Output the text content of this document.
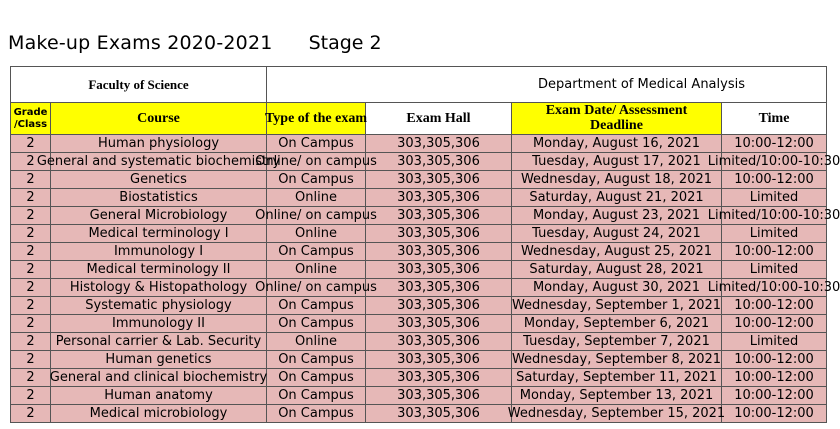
Make-up Exams 2020-2021 Stage 2
Faculty of Science		Department of Medical Analysis			
Grade /Class	Course	Type of the exam	Exam Hall	Exam Date/ Assessment Deadline	Time

2	Human physiology	On Campus	303,305,306	Monday, August 16, 2021	10:00-12:00

2	General and systematic biochemistry	Online/ on campus	303,305,306	Tuesday, August 17, 2021	Limited/10:00-10:30

2	Genetics	On Campus	303,305,306	Wednesday, August 18, 2021	10:00-12:00

2	Biostatistics	Online	303,305,306	Saturday, August 21, 2021	Limited

2	General Microbiology	Online/ on campus	303,305,306	Monday, August 23, 2021	Limited/10:00-10:30

2	Medical terminology I	Online	303,305,306	Tuesday, August 24, 2021	Limited

2	Immunology I	On Campus	303,305,306	Wednesday, August 25, 2021	10:00-12:00

2	Medical terminology II	Online	303,305,306	Saturday, August 28, 2021	Limited

2	Histology & Histopathology	Online/ on campus	303,305,306	Monday, August 30, 2021	Limited/10:00-10:30

2	Systematic physiology	On Campus	303,305,306	Wednesday, September 1, 2021	10:00-12:00

2	Immunology II	On Campus	303,305,306	Monday, September 6, 2021	10:00-12:00

2	Personal carrier & Lab. Security	Online	303,305,306	Tuesday, September 7, 2021	Limited

2	Human genetics	On Campus	303,305,306	Wednesday, September 8, 2021	10:00-12:00

2	General and clinical biochemistry	On Campus	303,305,306	Saturday, September 11, 2021	10:00-12:00

2	Human anatomy	On Campus	303,305,306	Monday, September 13, 2021	10:00-12:00

2	Medical microbiology	On Campus	303,305,306	Wednesday, September 15, 2021	10:00-12:00
